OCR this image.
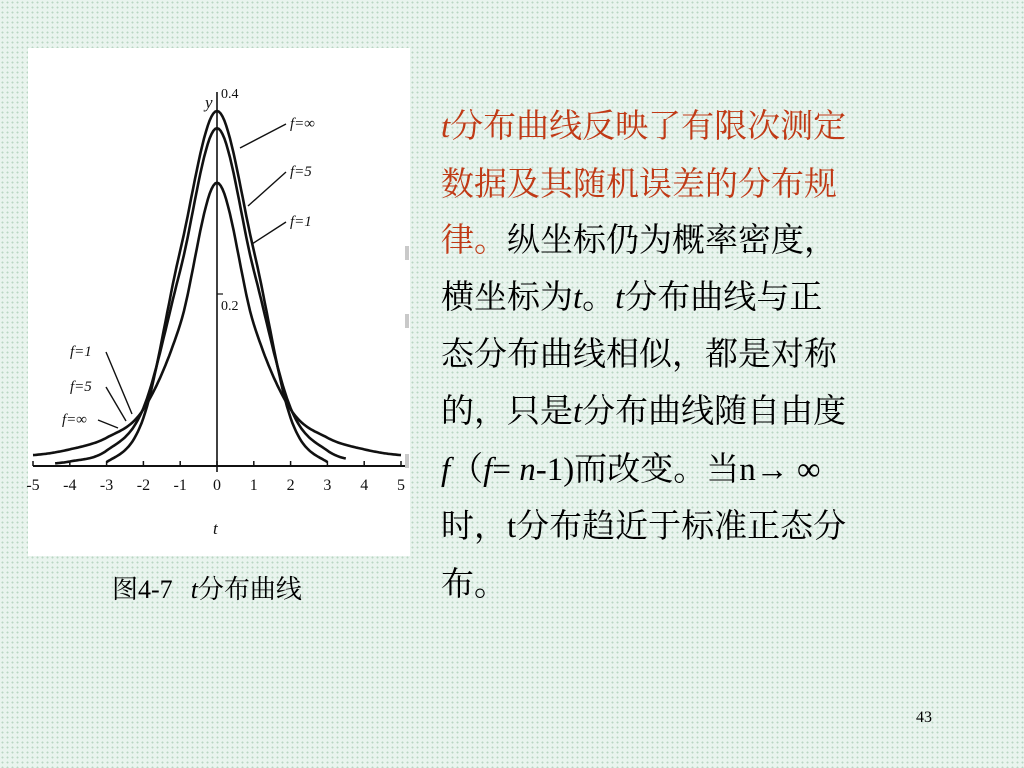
-5 -4 -3 -2 -1 0 1 2 3 4 5
0.4
0.2
y
t
f=∞
f=5
f=1
f=1
f=5
f=∞
图4-7 t分布曲线
t分布曲线反映了有限次测定
数据及其随机误差的分布规
律。纵坐标仍为概率密度，
横坐标为t。t分布曲线与正
态分布曲线相似，都是对称
的，只是t分布曲线随自由度
f（f= n-1)而改变。当n→ ∞
时，t分布趋近于标准正态分
布。
43
